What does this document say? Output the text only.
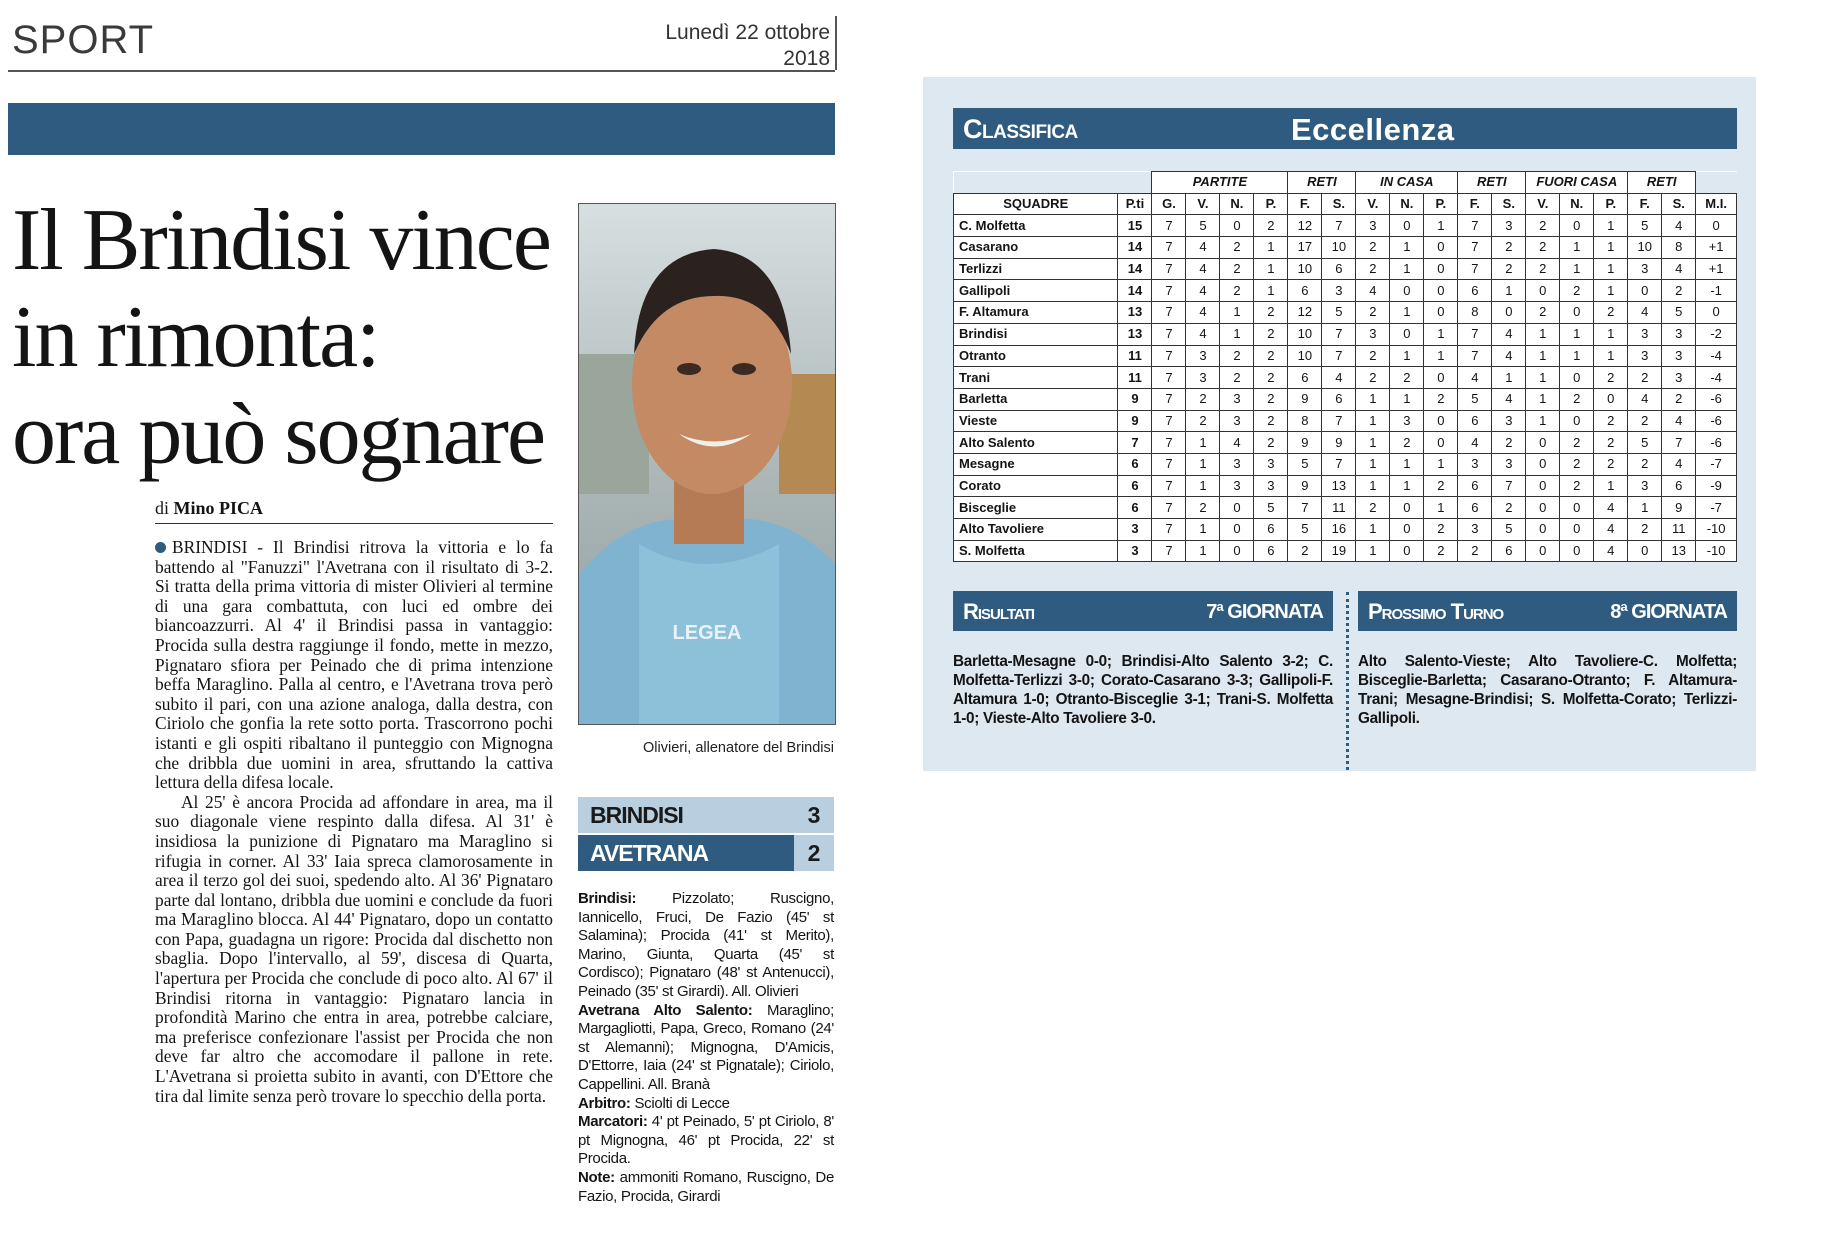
SPORT	Lunedì 22 ottobre
2018
Il Brindisi vince
in rimonta:
ora può sognare
di Mino PICA

BRINDISI - Il Brindisi ritrova la vittoria e lo fa battendo al "Fanuzzi" l'Avetrana con il risultato di 3-2. Si tratta della prima vittoria di mister Olivieri al termine di una gara combattuta, con luci ed ombre dei biancoazzurri. Al 4' il Brindisi passa in vantaggio: Procida sulla destra raggiunge il fondo, mette in mezzo, Pignataro sfiora per Peinado che di prima intenzione beffa Maraglino. Palla al centro, e l'Avetrana trova però subito il pari, con una azione analoga, dalla destra, con Ciriolo che gonfia la rete sotto porta. Trascorrono pochi istanti e gli ospiti ribaltano il punteggio con Mignogna che dribbla due uomini in area, sfruttando la cattiva lettura della difesa locale.

Al 25' è ancora Procida ad affondare in area, ma il suo diagonale viene respinto dalla difesa. Al 31' è insidiosa la punizione di Pignataro ma Maraglino si rifugia in corner. Al 33' Iaia spreca clamorosamente in area il terzo gol dei suoi, spedendo alto. Al 36' Pignataro parte dal lontano, dribbla due uomini e conclude da fuori ma Maraglino blocca. Al 44' Pignataro, dopo un contatto con Papa, guadagna un rigore: Procida dal dischetto non sbaglia. Dopo l'intervallo, al 59', discesa di Quarta, l'apertura per Procida che conclude di poco alto. Al 67' il Brindisi ritorna in vantaggio: Pignataro lancia in profondità Marino che entra in area, potrebbe calciare, ma preferisce confezionare l'assist per Procida che non deve far altro che accomodare il pallone in rete. L'Avetrana si proietta subito in avanti, con D'Ettore che tira dal limite senza però trovare lo specchio della porta.

LEGEA
Olivieri, allenatore del Brindisi
BRINDISI	3
AVETRANA	2

Brindisi: Pizzolato; Ruscigno, Iannicello, Fruci, De Fazio (45' st Salamina); Procida (41' st Merito), Marino, Giunta, Quarta (45' st Cordisco); Pignataro (48' st Antenucci), Peinado (35' st Girardi). All. Olivieri

Avetrana Alto Salento: Maraglino; Margagliotti, Papa, Greco, Romano (24' st Alemanni); Mignogna, D'Amicis, D'Ettorre, Iaia (24' st Pignatale); Ciriolo, Cappellini. All. Branà

Arbitro: Sciolti di Lecce

Marcatori: 4' pt Peinado, 5' pt Ciriolo, 8' pt Mignogna, 46' pt Procida, 22' st Procida.

Note: ammoniti Romano, Ruscigno, De Fazio, Procida, Girardi

Classifica	Eccellenza
		PARTITE				RETI		IN CASA			RETI		FUORI CASA			RETI		
SQUADRE	P.ti	G.	V.	N.	P.	F.	S.	V.	N.	P.	F.	S.	V.	N.	P.	F.	S.	M.I.
C. Molfetta	15	7	5	0	2	12	7	3	0	1	7	3	2	0	1	5	4	0
Casarano	14	7	4	2	1	17	10	2	1	0	7	2	2	1	1	10	8	+1
Terlizzi	14	7	4	2	1	10	6	2	1	0	7	2	2	1	1	3	4	+1
Gallipoli	14	7	4	2	1	6	3	4	0	0	6	1	0	2	1	0	2	-1
F. Altamura	13	7	4	1	2	12	5	2	1	0	8	0	2	0	2	4	5	0
Brindisi	13	7	4	1	2	10	7	3	0	1	7	4	1	1	1	3	3	-2
Otranto	11	7	3	2	2	10	7	2	1	1	7	4	1	1	1	3	3	-4
Trani	11	7	3	2	2	6	4	2	2	0	4	1	1	0	2	2	3	-4
Barletta	9	7	2	3	2	9	6	1	1	2	5	4	1	2	0	4	2	-6
Vieste	9	7	2	3	2	8	7	1	3	0	6	3	1	0	2	2	4	-6
Alto Salento	7	7	1	4	2	9	9	1	2	0	4	2	0	2	2	5	7	-6
Mesagne	6	7	1	3	3	5	7	1	1	1	3	3	0	2	2	2	4	-7
Corato	6	7	1	3	3	9	13	1	1	2	6	7	0	2	1	3	6	-9
Bisceglie	6	7	2	0	5	7	11	2	0	1	6	2	0	0	4	1	9	-7
Alto Tavoliere	3	7	1	0	6	5	16	1	0	2	3	5	0	0	4	2	11	-10
S. Molfetta	3	7	1	0	6	2	19	1	0	2	2	6	0	0	4	0	13	-10
Risultati	7ª GIORNATA Prossimo Turno	8ª GIORNATA
Barletta-Mesagne 0-0; Brindisi-Alto Salento 3-2; C. Molfetta-Terlizzi 3-0; Corato-Casarano 3-3; Gallipoli-F. Altamura 1-0; Otranto-Bisceglie 3-1; Trani-S. Molfetta 1-0; Vieste-Alto Tavoliere 3-0.
Alto Salento-Vieste; Alto Tavoliere-C. Molfetta; Bisceglie-Barletta; Casarano-Otranto; F. Altamura-Trani; Mesagne-Brindisi; S. Molfetta-Corato; Terlizzi-Gallipoli.
